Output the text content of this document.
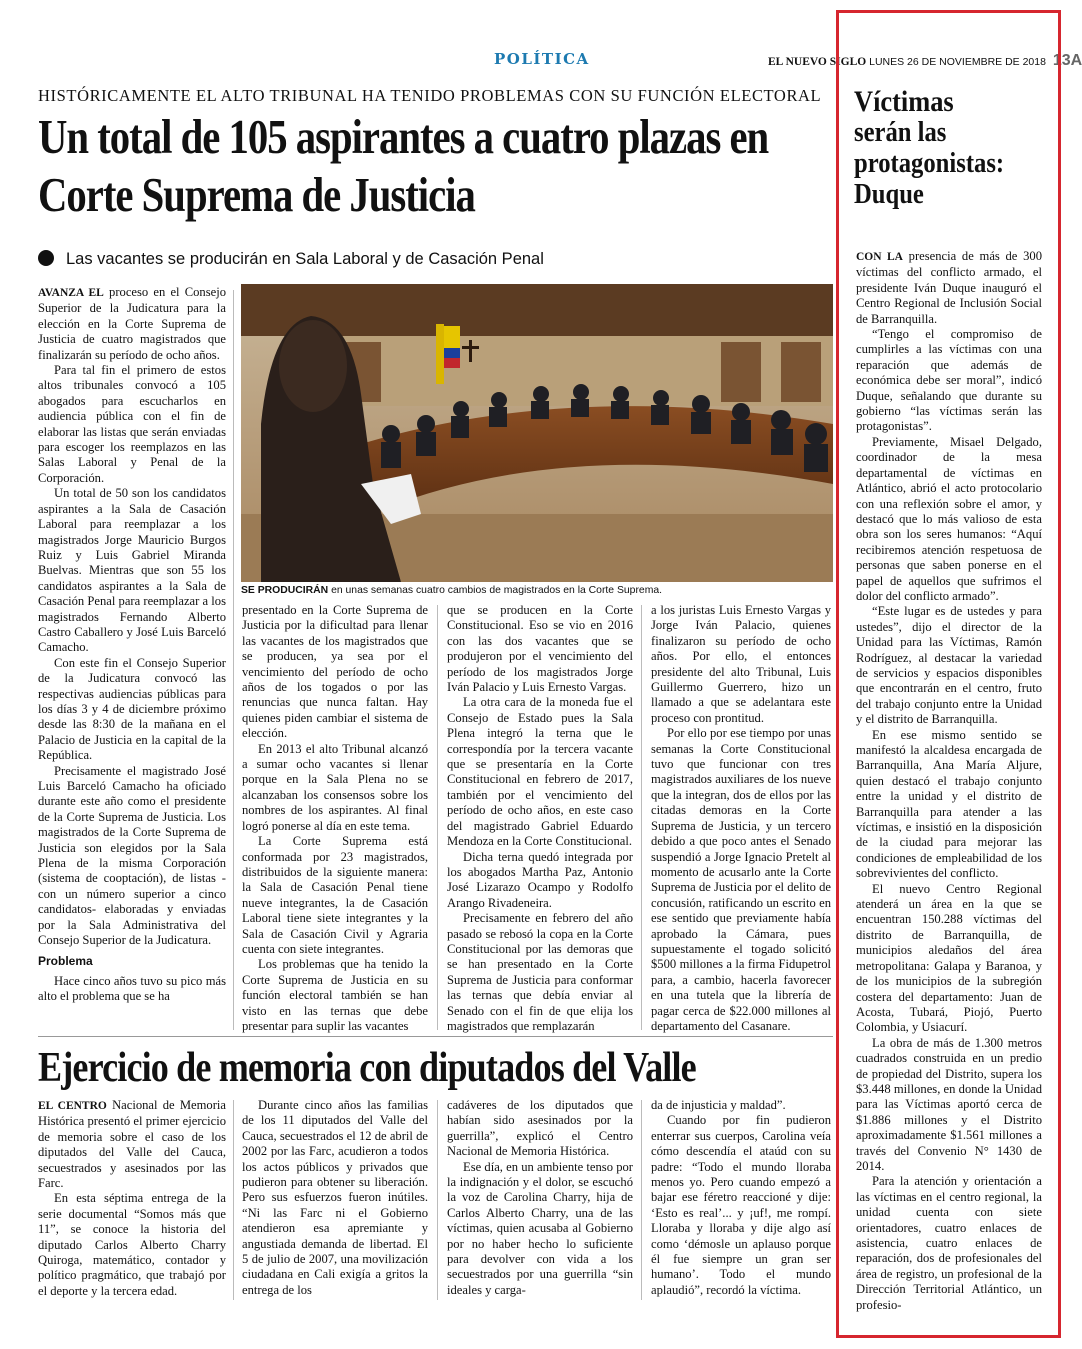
POLÍTICA	EL NUEVO SIGLO LUNES 26 DE NOVIEMBRE DE 2018 13A
HISTÓRICAMENTE EL ALTO TRIBUNAL HA TENIDO PROBLEMAS CON SU FUNCIÓN ELECTORAL
Un total de 105 aspirantes a cuatro plazas en Corte Suprema de Justicia
Las vacantes se producirán en Sala Laboral y de Casación Penal

AVANZA EL proceso en el Consejo Superior de la Judicatura para la elección en la Corte Suprema de Justicia de cuatro magistrados que finalizarán su período de ocho años.

Para tal fin el primero de estos altos tribunales convocó a 105 abogados para escucharlos en audiencia pública con el fin de elaborar las listas que serán enviadas para escoger los reemplazos en las Salas Laboral y Penal de la Corporación.

Un total de 50 son los candidatos aspirantes a la Sala de Casación Laboral para reemplazar a los magistrados Jorge Mauricio Burgos Ruiz y Luis Gabriel Miranda Buelvas. Mientras que son 55 los candidatos aspirantes a la Sala de Casación Penal para reemplazar a los magistrados Fernando Alberto Castro Caballero y José Luis Barceló Camacho.

Con este fin el Consejo Superior de la Judicatura convocó las respectivas audiencias públicas para los días 3 y 4 de diciembre próximo desde las 8:30 de la mañana en el Palacio de Justicia en la capital de la República.

Precisamente el magistrado José Luis Barceló Camacho ha oficiado durante este año como el presidente de la Corte Suprema de Justicia. Los magistrados de la Corte Suprema de Justicia son elegidos por la Sala Plena de la misma Corporación (sistema de cooptación), de listas -con un número superior a cinco candidatos- elaboradas y enviadas por la Sala Administrativa del Consejo Superior de la Judicatura.

Problema

Hace cinco años tuvo su pico más alto el problema que se ha

SE PRODUCIRÁN en unas semanas cuatro cambios de magistrados en la Corte Suprema.

presentado en la Corte Suprema de Justicia por la dificultad para llenar las vacantes de los magistrados que se producen, ya sea por el vencimiento del período de ocho años de los togados o por las renuncias que nunca faltan. Hay quienes piden cambiar el sistema de elección.

En 2013 el alto Tribunal alcanzó a sumar ocho vacantes si llenar porque en la Sala Plena no se alcanzaban los consensos sobre los nombres de los aspirantes. Al final logró ponerse al día en este tema.

La Corte Suprema está conformada por 23 magistrados, distribuidos de la siguiente manera: la Sala de Casación Penal tiene nueve integrantes, la de Casación Laboral tiene siete integrantes y la Sala de Casación Civil y Agraria cuenta con siete integrantes.

Los problemas que ha tenido la Corte Suprema de Justicia en su función electoral también se han visto en las ternas que debe presentar para suplir las vacantes

que se producen en la Corte Constitucional. Eso se vio en 2016 con las dos vacantes que se produjeron por el vencimiento del período de los magistrados Jorge Iván Palacio y Luis Ernesto Vargas.

La otra cara de la moneda fue el Consejo de Estado pues la Sala Plena integró la terna que le correspondía por la tercera vacante que se presentaría en la Corte Constitucional en febrero de 2017, también por el vencimiento del período de ocho años, en este caso del magistrado Gabriel Eduardo Mendoza en la Corte Constitucional.

Dicha terna quedó integrada por los abogados Martha Paz, Antonio José Lizarazo Ocampo y Rodolfo Arango Rivadeneira.

Precisamente en febrero del año pasado se rebosó la copa en la Corte Constitucional por las demoras que se han presentado en la Corte Suprema de Justicia para conformar las ternas que debía enviar al Senado con el fin de que elija los magistrados que remplazarán

a los juristas Luis Ernesto Vargas y Jorge Iván Palacio, quienes finalizaron su período de ocho años. Por ello, el entonces presidente del alto Tribunal, Luis Guillermo Guerrero, hizo un llamado a que se adelantara este proceso con prontitud.

Por ello por ese tiempo por unas semanas la Corte Constitucional tuvo que funcionar con tres magistrados auxiliares de los nueve que la integran, dos de ellos por las citadas demoras en la Corte Suprema de Justicia, y un tercero debido a que poco antes el Senado suspendió a Jorge Ignacio Pretelt al momento de acusarlo ante la Corte Suprema de Justicia por el delito de concusión, ratificando un escrito en ese sentido que previamente había aprobado la Cámara, pues supuestamente el togado solicitó $500 millones a la firma Fidupetrol para, a cambio, hacerla favorecer en una tutela que la librería de pagar cerca de $22.000 millones al departamento del Casanare.

Ejercicio de memoria con diputados del Valle

EL CENTRO Nacional de Memoria Histórica presentó el primer ejercicio de memoria sobre el caso de los diputados del Valle del Cauca, secuestrados y asesinados por las Farc.

En esta séptima entrega de la serie documental “Somos más que 11”, se conoce la historia del diputado Carlos Alberto Charry Quiroga, matemático, contador y político pragmático, que trabajó por el deporte y la tercera edad.

Durante cinco años las familias de los 11 diputados del Valle del Cauca, secuestrados el 12 de abril de 2002 por las Farc, acudieron a todos los actos públicos y privados que pudieron para obtener su liberación. Pero sus esfuerzos fueron inútiles. “Ni las Farc ni el Gobierno atendieron esa apremiante y angustiada demanda de libertad. El 5 de julio de 2007, una movilización ciudadana en Cali exigía a gritos la entrega de los

cadáveres de los diputados que habían sido asesinados por la guerrilla”, explicó el Centro Nacional de Memoria Histórica.

Ese día, en un ambiente tenso por la indignación y el dolor, se escuchó la voz de Carolina Charry, hija de Carlos Alberto Charry, una de las víctimas, quien acusaba al Gobierno por no haber hecho lo suficiente para devolver con vida a los secuestrados por una guerrilla “sin ideales y carga-

da de injusticia y maldad”.

Cuando por fin pudieron enterrar sus cuerpos, Carolina veía cómo descendía el ataúd con su padre: “Todo el mundo lloraba menos yo. Pero cuando empezó a bajar ese féretro reaccioné y dije: ‘Esto es real’... y ¡uf!, me rompí. Lloraba y lloraba y dije algo así como ‘démosle un aplauso porque él fue siempre un gran ser humano’. Todo el mundo aplaudió”, recordó la víctima.

Víctimas
serán las protagonistas: Duque

CON LA presencia de más de 300 víctimas del conflicto armado, el presidente Iván Duque inauguró el Centro Regional de Inclusión Social de Barranquilla.

“Tengo el compromiso de cumplirles a las víctimas con una reparación que además de económica debe ser moral”, indicó Duque, señalando que durante su gobierno “las víctimas serán las protagonistas”.

Previamente, Misael Delgado, coordinador de la mesa departamental de víctimas en Atlántico, abrió el acto protocolario con una reflexión sobre el amor, y destacó que lo más valioso de esta obra son los seres humanos: “Aquí recibiremos atención respetuosa de personas que saben ponerse en el papel de aquellos que sufrimos el dolor del conflicto armado”.

“Este lugar es de ustedes y para ustedes”, dijo el director de la Unidad para las Víctimas, Ramón Rodríguez, al destacar la variedad de servicios y espacios disponibles que encontrarán en el centro, fruto del trabajo conjunto entre la Unidad y el distrito de Barranquilla.

En ese mismo sentido se manifestó la alcaldesa encargada de Barranquilla, Ana María Aljure, quien destacó el trabajo conjunto entre la unidad y el distrito de Barranquilla para atender a las víctimas, e insistió en la disposición de la ciudad para mejorar las condiciones de empleabilidad de los sobrevivientes del conflicto.

El nuevo Centro Regional atenderá un área en la que se encuentran 150.288 víctimas del distrito de Barranquilla, de municipios aledaños del área metropolitana: Galapa y Baranoa, y de los municipios de la subregión costera del departamento: Juan de Acosta, Tubará, Piojó, Puerto Colombia, y Usiacurí.

La obra de más de 1.300 metros cuadrados construida en un predio de propiedad del Distrito, supera los $3.448 millones, en donde la Unidad para las Víctimas aportó cerca de $1.886 millones y el Distrito aproximadamente $1.561 millones a través del Convenio N° 1430 de 2014.

Para la atención y orientación a las víctimas en el centro regional, la unidad cuenta con siete orientadores, cuatro enlaces de asistencia, cuatro enlaces de reparación, dos de profesionales del área de registro, un profesional de la Dirección Territorial Atlántico, un profesio-
